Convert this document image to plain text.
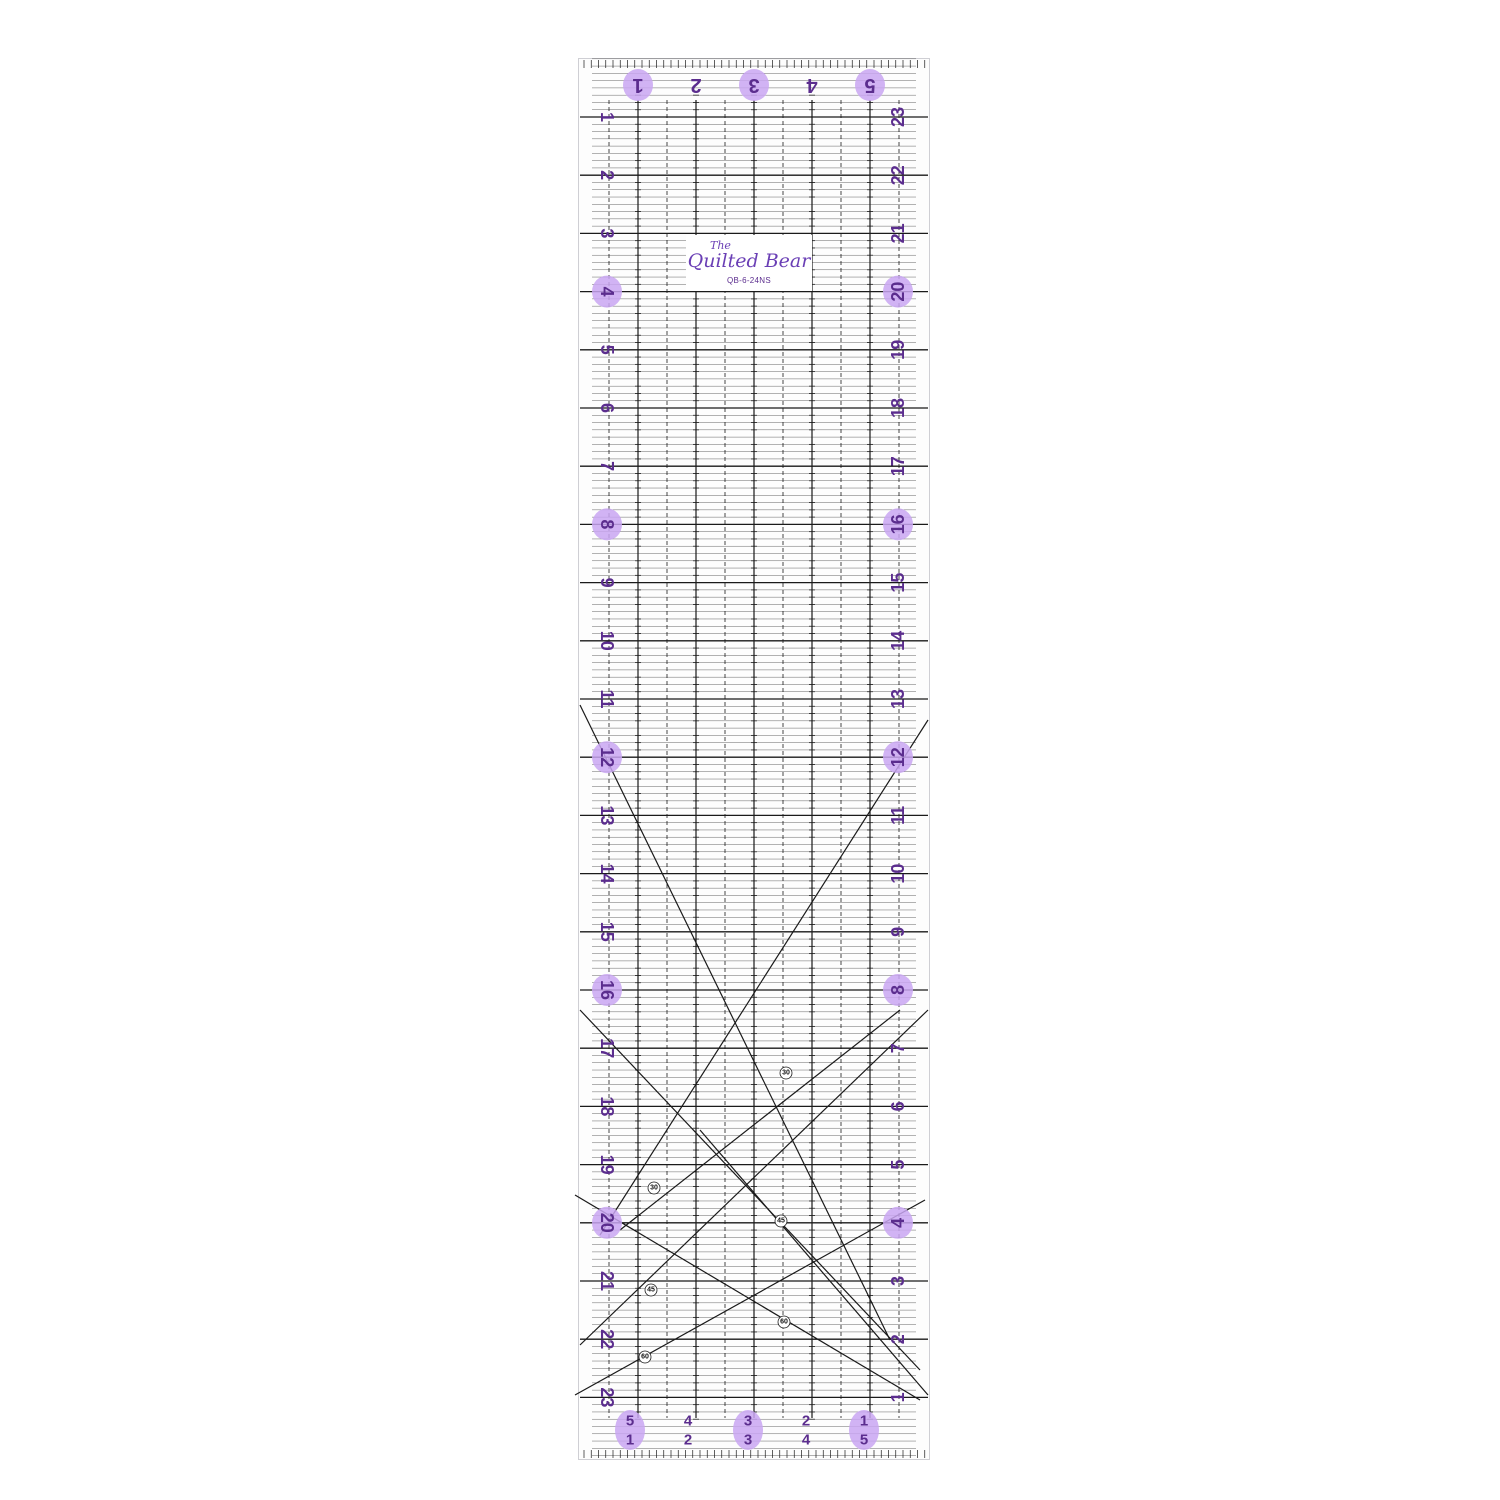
30
30
45
45
60
60
1 2 3 4 5
1
2
3
4
5
6
7
8
9
10
11
12
13
14
15
16
17
18
19
20
21
22
23
23
22
21
20
19
18
17
16
15
14
13
12
11
10
9
8
7
6
5
4
3
2
1
5	4	3	2	1
1	2	3	4	5
The
Quilted Bear
QB-6-24NS
